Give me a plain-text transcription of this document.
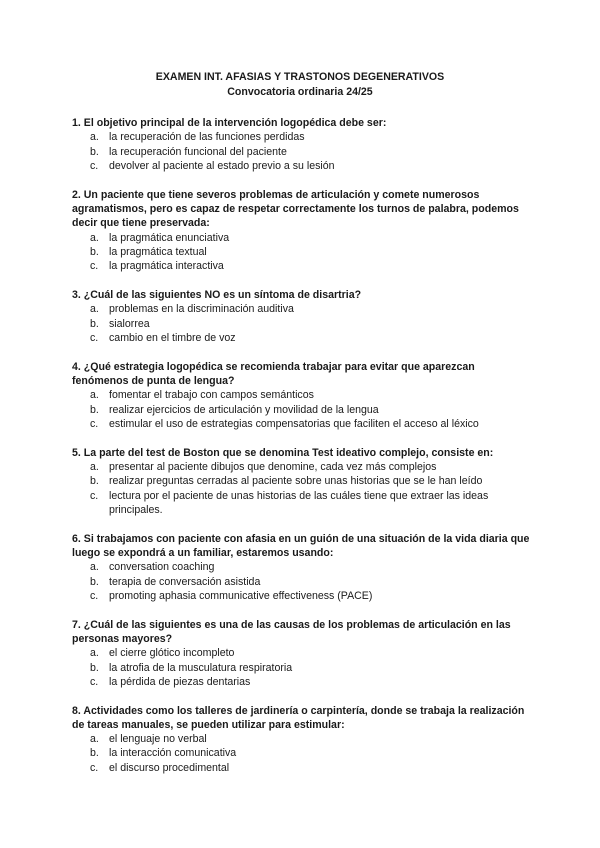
EXAMEN INT. AFASIAS Y TRASTONOS DEGENERATIVOS
Convocatoria ordinaria 24/25

1. El objetivo principal de la intervención logopédica debe ser:

a. la recuperación de las funciones perdidas
b. la recuperación funcional del paciente
c. devolver al paciente al estado previo a su lesión

2. Un paciente que tiene severos problemas de articulación y comete numerosos agramatismos, pero es capaz de respetar correctamente los turnos de palabra, podemos decir que tiene preservada:

a. la pragmática enunciativa
b. la pragmática textual
c. la pragmática interactiva

3. ¿Cuál de las siguientes NO es un síntoma de disartria?

a. problemas en la discriminación auditiva
b. sialorrea
c. cambio en el timbre de voz

4. ¿Qué estrategia logopédica se recomienda trabajar para evitar que aparezcan fenómenos de punta de lengua?

a. fomentar el trabajo con campos semánticos
b. realizar ejercicios de articulación y movilidad de la lengua
c. estimular el uso de estrategias compensatorias que faciliten el acceso al léxico

5. La parte del test de Boston que se denomina Test ideativo complejo, consiste en:

a. presentar al paciente dibujos que denomine, cada vez más complejos
b. realizar preguntas cerradas al paciente sobre unas historias que se le han leído
c. lectura por el paciente de unas historias de las cuáles tiene que extraer las ideas principales.

6. Si trabajamos con paciente con afasia en un guión de una situación de la vida diaria que luego se expondrá a un familiar, estaremos usando:

a. conversation coaching
b. terapia de conversación asistida
c. promoting aphasia communicative effectiveness (PACE)

7. ¿Cuál de las siguientes es una de las causas de los problemas de articulación en las personas mayores?

a. el cierre glótico incompleto
b. la atrofia de la musculatura respiratoria
c. la pérdida de piezas dentarias

8. Actividades como los talleres de jardinería o carpintería, donde se trabaja la realización de tareas manuales, se pueden utilizar para estimular:

a. el lenguaje no verbal
b. la interacción comunicativa
c. el discurso procedimental
